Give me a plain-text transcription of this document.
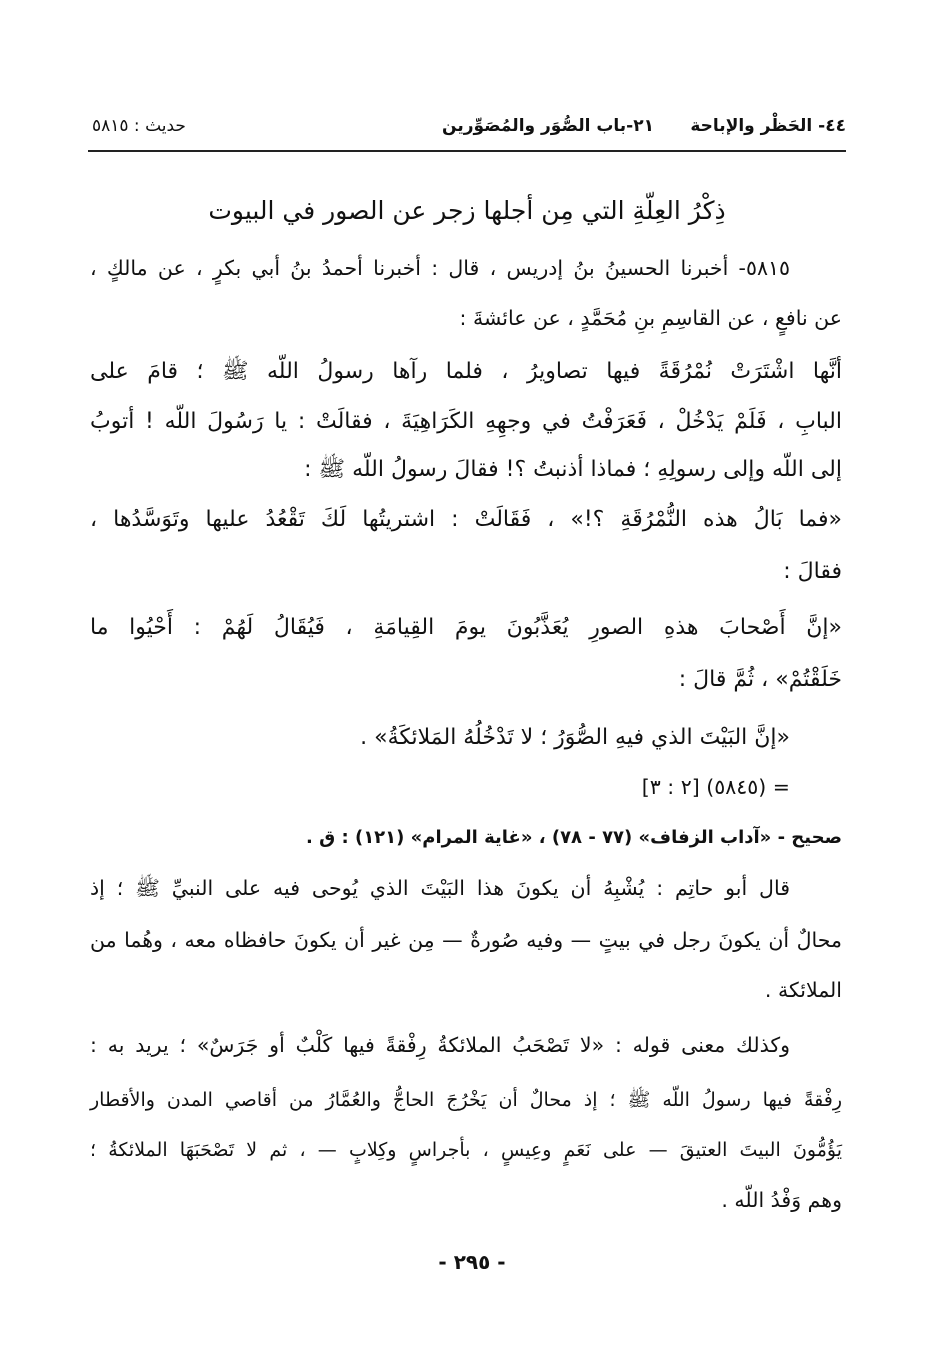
٤٤- الحَظْر والإباحة
٢١-باب الصُّوَر والمُصَوِّرين
حديث : ٥٨١٥
ذِكْرُ العِلّةِ التي مِن أجلها زجر عن الصور في البيوت
٥٨١٥- أخبرنا الحسينُ بنُ إدريس ، قال : أخبرنا أحمدُ بنُ أبي بكرٍ ، عن مالكٍ ،
عن نافعٍ ، عن القاسِمِ بنِ مُحَمَّدٍ ، عن عائشةَ :
أنَّها اشْتَرَتْ نُمْرُقَةً فيها تصاويرُ ، فلما رآها رسولُ اللّه ﷺ ؛ قامَ على
البابِ ، فَلَمْ يَدْخُلْ ، فَعَرَفْتُ في وجهِهِ الكَرَاهِيَةَ ، فقالَتْ : يا رَسُولَ اللّه ! أتوبُ
إلى اللّه وإلى رسولِهِ ؛ فماذا أذنبتُ ؟! فقالَ رسولُ اللّه ﷺ :
«فما بَالُ هذه النُّمْرُقَةِ ؟!» ، فَقَالَتْ : اشتريتُها لَكَ تَقْعُدُ عليها وتَوَسَّدُها ،
فقالَ :
«إنَّ أَصْحابَ هذهِ الصورِ يُعَذَّبُونَ يومَ القِيامَةِ ، فَيُقَالُ لَهُمْ : أَحْيُوا ما
خَلَقْتُمْ» ، ثُمَّ قالَ :
«إنَّ البَيْتَ الذي فيهِ الصُّوَرُ ؛ لا تَدْخُلُهُ المَلائكَةُ» .
= (٥٨٤٥) [٢ : ٣]
صحيح - «آداب الزفاف» (٧٧ - ٧٨) ، «غاية المرام» (١٢١) : ق .
قال أبو حاتِم : يُشْبِهُ أن يكونَ هذا البَيْتَ الذي يُوحى فيه على النبيِّ ﷺ ؛ إذ
محالٌ أن يكونَ رجل في بيتٍ — وفيه صُورةٌ — مِن غير أن يكونَ حافظاه معه ، وهُما من
الملائكة .
وكذلك معنى قوله : «لا تَصْحَبُ الملائكةُ رِفْقةً فيها كَلْبٌ أو جَرَسٌ» ؛ يريد به :
رِفْقةً فيها رسولُ اللّه ﷺ ؛ إذ محالٌ أن يَخْرُجَ الحاجُّ والعُمَّارُ من أقاصي المدن والأقطار
يَؤُمُّونَ البيتَ العتيقَ — على نَعَمٍ وعِيسٍ ، بأجراسٍ وكِلابٍ — ، ثم لا تَصْحَبَهَا الملائكةُ ؛
وهم وَفْدُ اللّه .
- ٢٩٥ -
